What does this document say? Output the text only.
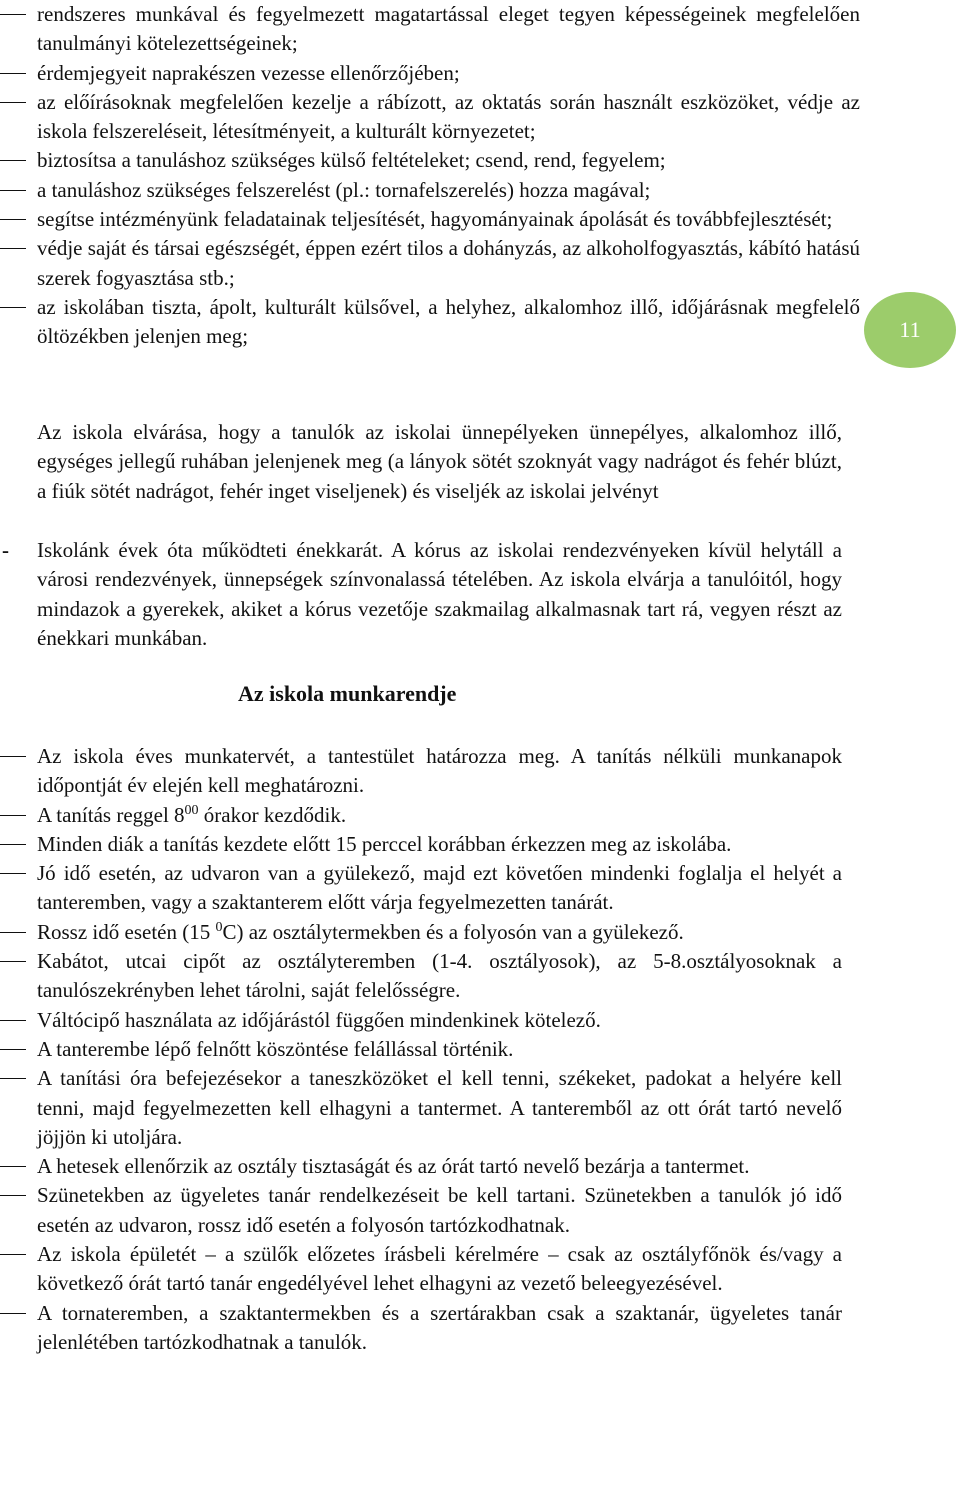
rendszeres munkával és fegyelmezett magatartással eleget tegyen képességeinek megfelelően tanulmányi kötelezettségeinek;
érdemjegyeit naprakészen vezesse ellenőrzőjében;
az előírásoknak megfelelően kezelje a rábízott, az oktatás során használt eszközöket, védje az iskola felszereléseit, létesítményeit, a kulturált környezetet;
biztosítsa a tanuláshoz szükséges külső feltételeket; csend, rend, fegyelem;
a tanuláshoz szükséges felszerelést (pl.: tornafelszerelés) hozza magával;
segítse intézményünk feladatainak teljesítését, hagyományainak ápolását és továbbfejlesztését;
védje saját és társai egészségét, éppen ezért tilos a dohányzás, az alkoholfogyasztás, kábító hatású szerek fogyasztása stb.;
az iskolában tiszta, ápolt, kulturált külsővel, a helyhez, alkalomhoz illő, időjárásnak megfelelő öltözékben jelenjen meg;
Az iskola elvárása, hogy a tanulók az iskolai ünnepélyeken ünnepélyes, alkalomhoz illő, egységes jellegű ruhában jelenjenek meg (a lányok sötét szoknyát vagy nadrágot és fehér blúzt, a fiúk sötét nadrágot, fehér inget viseljenek) és viseljék az iskolai jelvényt
- Iskolánk évek óta működteti énekkarát. A kórus az iskolai rendezvényeken kívül helytáll a városi rendezvények, ünnepségek színvonalassá tételében. Az iskola elvárja a tanulóitól, hogy mindazok a gyerekek, akiket a kórus vezetője szakmailag alkalmasnak tart rá, vegyen részt az énekkari munkában.
Az iskola munkarendje
Az iskola éves munkatervét, a tantestület határozza meg. A tanítás nélküli munkanapok időpontját év elején kell meghatározni.
A tanítás reggel $8^{00}$ órakor kezdődik.
Minden diák a tanítás kezdete előtt 15 perccel korábban érkezzen meg az iskolába.
Jó idő esetén, az udvaron van a gyülekező, majd ezt követően mindenki foglalja el helyét a tanteremben, vagy a szaktanterem előtt várja fegyelmezetten tanárát.
Rossz idő esetén (15 $^0$C) az osztálytermekben és a folyosón van a gyülekező.
Kabátot, utcai cipőt az osztályteremben (1-4. osztályosok), az 5-8.osztályosoknak a tanulószekrényben lehet tárolni, saját felelősségre.
Váltócipő használata az időjárástól függően mindenkinek kötelező.
A tanterembe lépő felnőtt köszöntése felállással történik.
A tanítási óra befejezésekor a taneszközöket el kell tenni, székeket, padokat a helyére kell tenni, majd fegyelmezetten kell elhagyni a tantermet. A tanteremből az ott órát tartó nevelő jöjjön ki utoljára.
A hetesek ellenőrzik az osztály tisztaságát és az órát tartó nevelő bezárja a tantermet.
Szünetekben az ügyeletes tanár rendelkezéseit be kell tartani. Szünetekben a tanulók jó idő esetén az udvaron, rossz idő esetén a folyosón tartózkodhatnak.
Az iskola épületét – a szülők előzetes írásbeli kérelmére – csak az osztályfőnök és/vagy a következő órát tartó tanár engedélyével lehet elhagyni az vezető beleegyezésével.
A tornateremben, a szaktantermekben és a szertárakban csak a szaktanár, ügyeletes tanár jelenlétében tartózkodhatnak a tanulók.
11
